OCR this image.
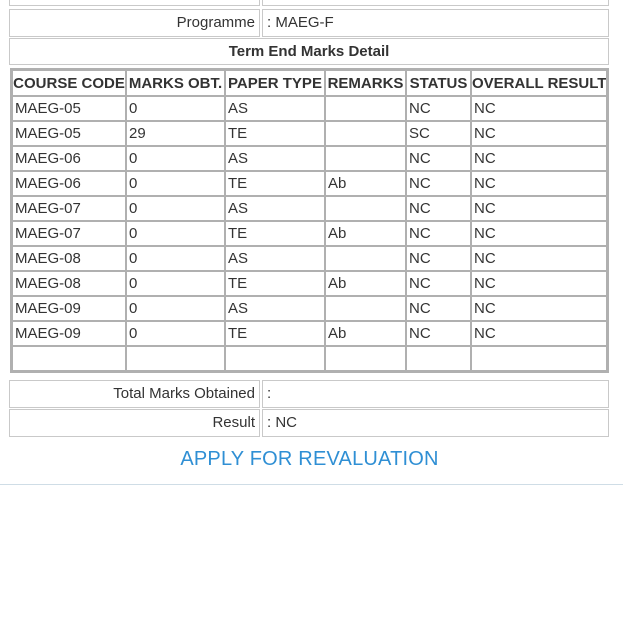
Programme : MAEG-F
Term End Marks Detail
COURSE CODE	MARKS OBT.	PAPER TYPE	REMARKS	STATUS	OVERALL RESULT
MAEG-05	0	AS		NC	NC
MAEG-05	29	TE		SC	NC
MAEG-06	0	AS		NC	NC
MAEG-06	0	TE	Ab	NC	NC
MAEG-07	0	AS		NC	NC
MAEG-07	0	TE	Ab	NC	NC
MAEG-08	0	AS		NC	NC
MAEG-08	0	TE	Ab	NC	NC
MAEG-09	0	AS		NC	NC
MAEG-09	0	TE	Ab	NC	NC

Total Marks Obtained :
Result : NC
APPLY FOR REVALUATION
